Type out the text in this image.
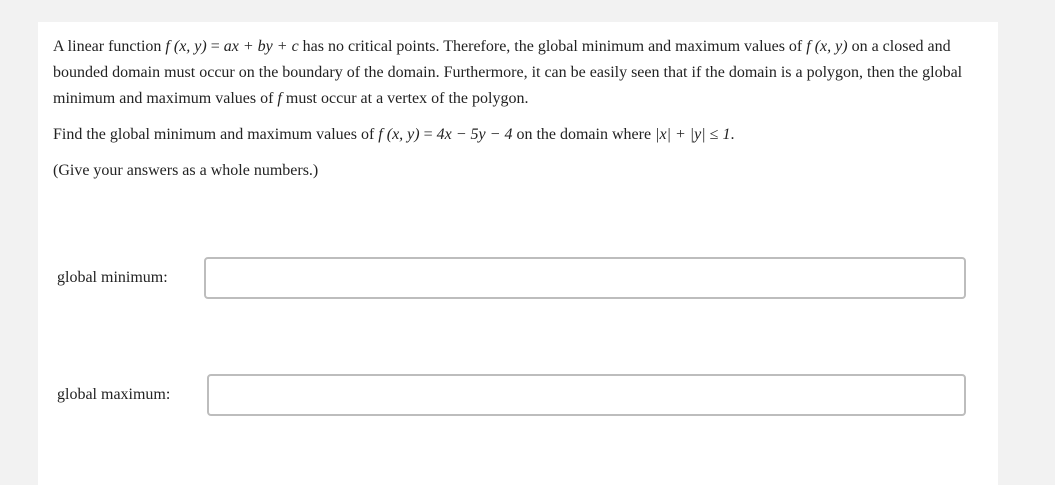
A linear function f (x, y) = ax + by + c has no critical points. Therefore, the global minimum and maximum values of f (x, y) on a closed and bounded domain must occur on the boundary of the domain. Furthermore, it can be easily seen that if the domain is a polygon, then the global minimum and maximum values of f must occur at a vertex of the polygon.

Find the global minimum and maximum values of f (x, y) = 4x − 5y − 4 on the domain where |x| + |y| ≤ 1.

(Give your answers as a whole numbers.)

global minimum:
global maximum:
